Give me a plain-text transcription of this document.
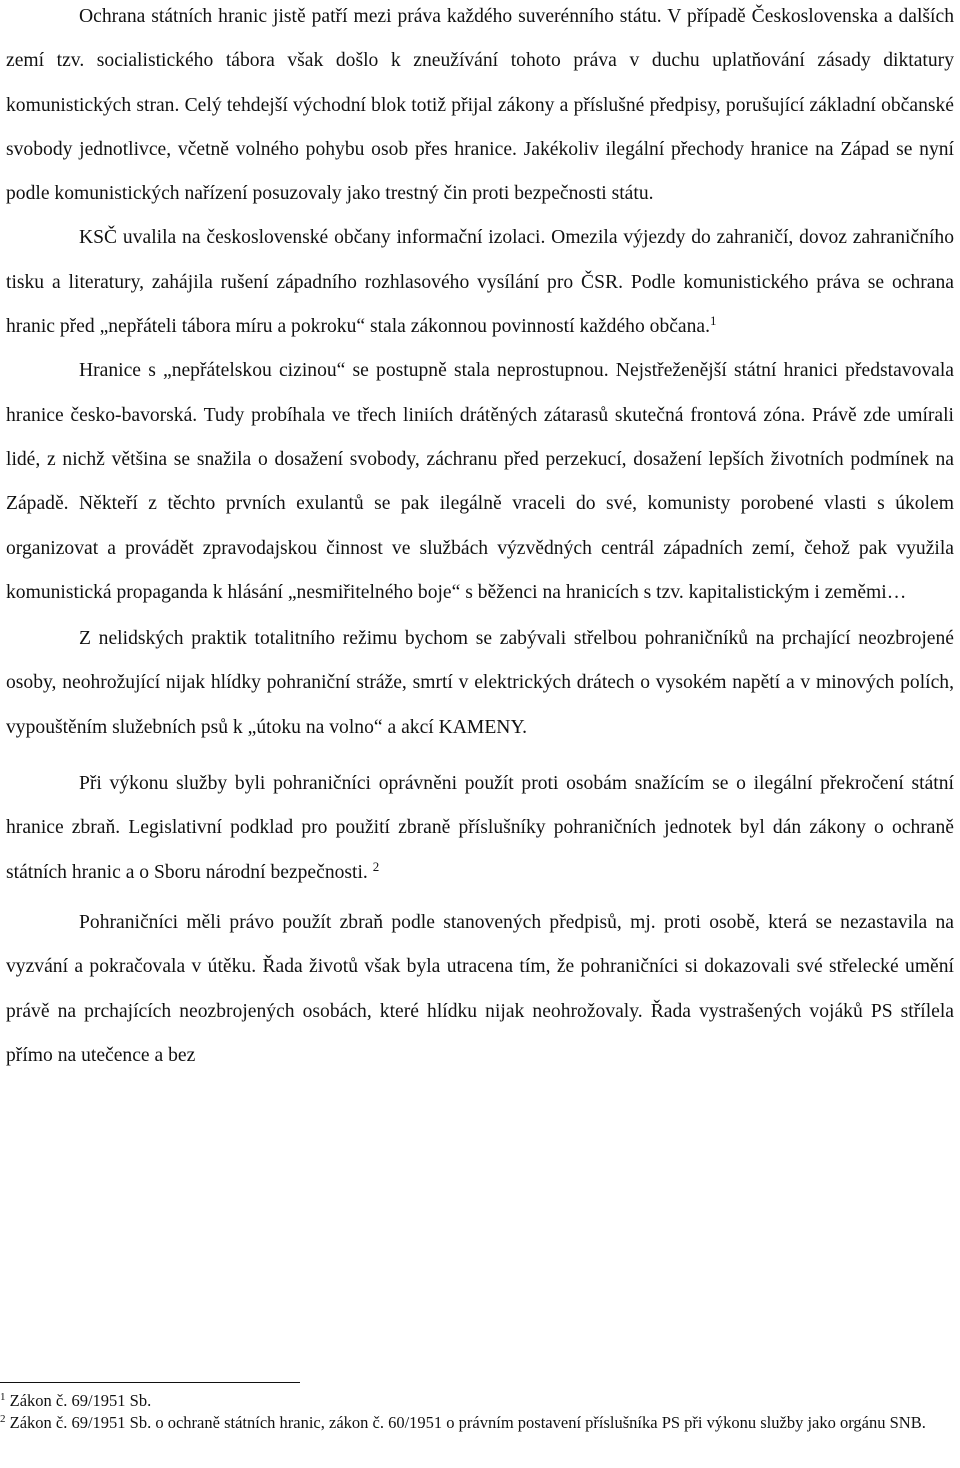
Ochrana státních hranic jistě patří mezi práva každého suverénního státu. V případě Československa a dalších zemí tzv. socialistického tábora však došlo k zneužívání tohoto práva v duchu uplatňování zásady diktatury komunistických stran. Celý tehdejší východní blok totiž přijal zákony a příslušné předpisy, porušující základní občanské svobody jednotlivce, včetně volného pohybu osob přes hranice. Jakékoliv ilegální přechody hranice na Západ se nyní podle komunistických nařízení posuzovaly jako trestný čin proti bezpečnosti státu.

KSČ uvalila na československé občany informační izolaci. Omezila výjezdy do zahraničí, dovoz zahraničního tisku a literatury, zahájila rušení západního rozhlasového vysílání pro ČSR. Podle komunistického práva se ochrana hranic před „nepřáteli tábora míru a pokroku“ stala zákonnou povinností každého občana.$^1$

Hranice s „nepřátelskou cizinou“ se postupně stala neprostupnou. Nejstřeženější státní hranici představovala hranice česko-bavorská. Tudy probíhala ve třech liniích drátěných zátarasů skutečná frontová zóna. Právě zde umírali lidé, z nichž většina se snažila o dosažení svobody, záchranu před perzekucí, dosažení lepších životních podmínek na Západě. Někteří z těchto prvních exulantů se pak ilegálně vraceli do své, komunisty porobené vlasti s úkolem organizovat a provádět zpravodajskou činnost ve službách výzvědných centrál západních zemí, čehož pak využila komunistická propaganda k hlásání „nesmiřitelného boje“ s běženci na hranicích s tzv. kapitalistickým i zeměmi…

Z nelidských praktik totalitního režimu bychom se zabývali střelbou pohraničníků na prchající neozbrojené osoby, neohrožující nijak hlídky pohraniční stráže, smrtí v elektrických drátech o vysokém napětí a v minových polích, vypouštěním služebních psů k „útoku na volno“ a akcí KAMENY.

Při výkonu služby byli pohraničníci oprávněni použít proti osobám snažícím se o ilegální překročení státní hranice zbraň. Legislativní podklad pro použití zbraně příslušníky pohraničních jednotek byl dán zákony o ochraně státních hranic a o Sboru národní bezpečnosti. $^2$

Pohraničníci měli právo použít zbraň podle stanovených předpisů, mj. proti osobě, která se nezastavila na vyzvání a pokračovala v útěku. Řada životů však byla utracena tím, že pohraničníci si dokazovali své střelecké umění právě na prchajících neozbrojených osobách, které hlídku nijak neohrožovaly. Řada vystrašených vojáků PS střílela přímo na utečence a bez

$^1$ Zákon č. 69/1951 Sb.

$^2$ Zákon č. 69/1951 Sb. o ochraně státních hranic, zákon č. 60/1951 o právním postavení příslušníka PS při výkonu služby jako orgánu SNB.
